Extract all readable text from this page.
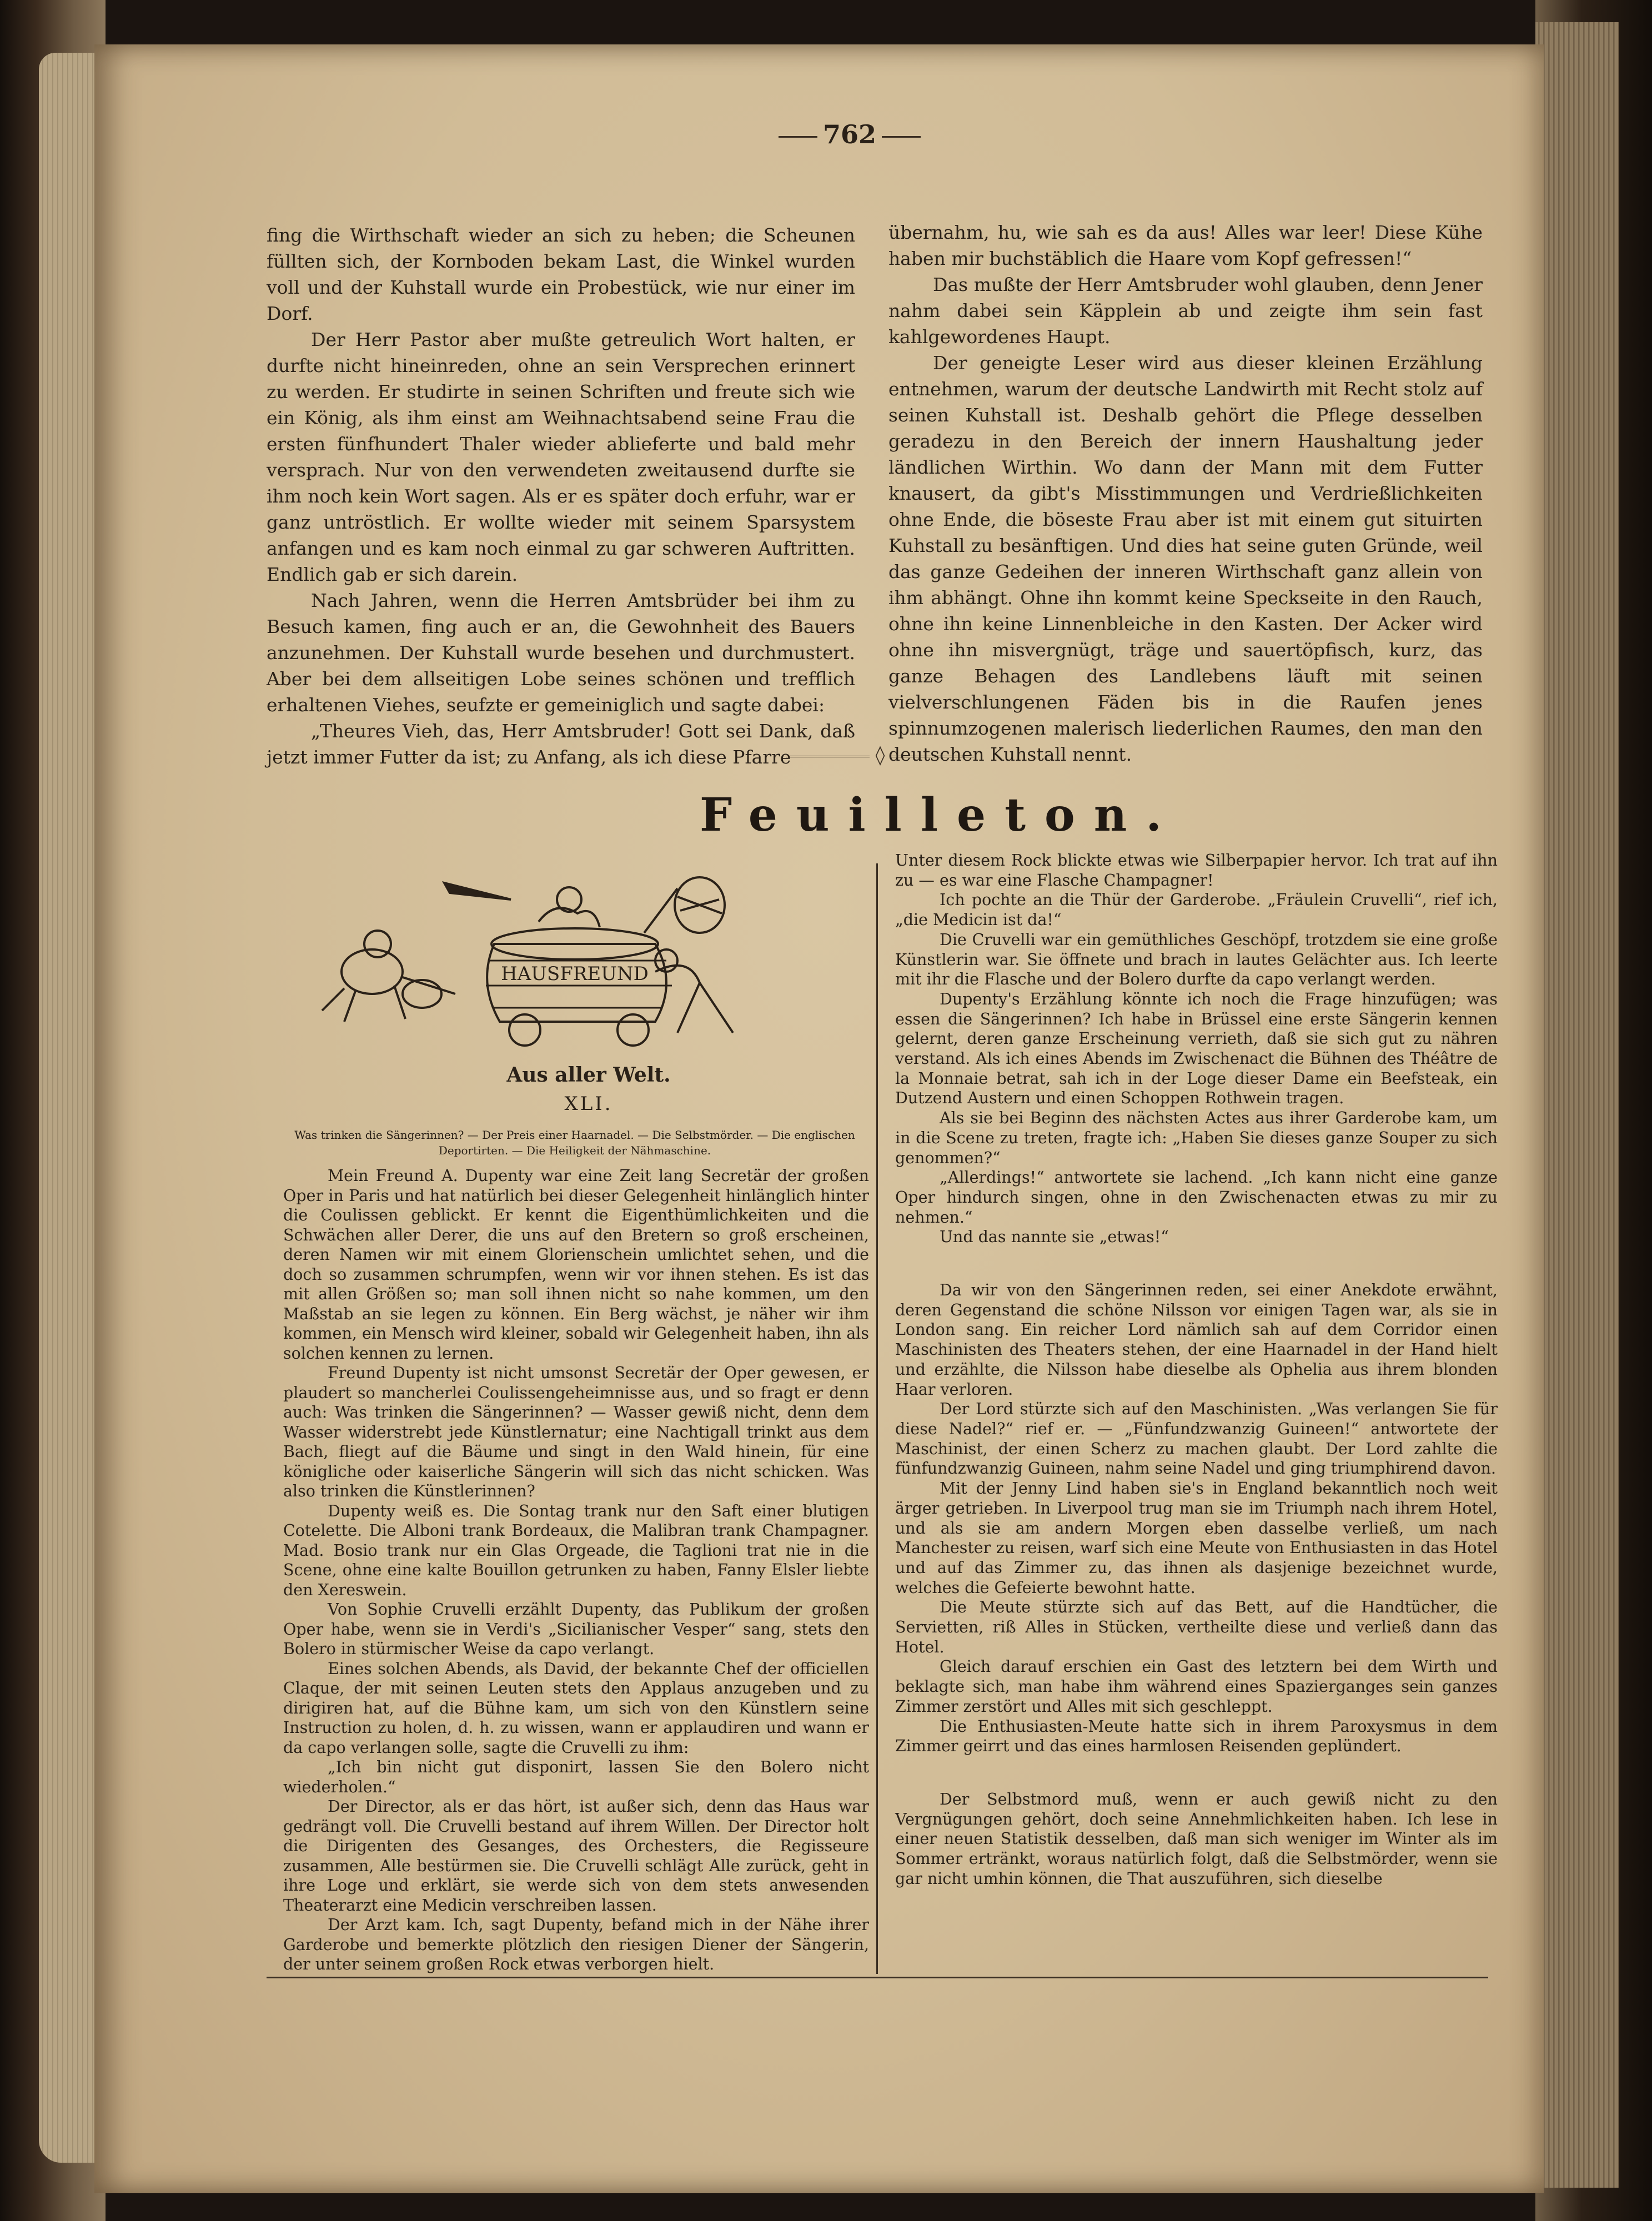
762

fing die Wirthschaft wieder an sich zu heben; die Scheunen füllten sich, der Kornboden bekam Last, die Winkel wurden voll und der Kuhstall wurde ein Probestück, wie nur einer im Dorf.

Der Herr Pastor aber mußte getreulich Wort halten, er durfte nicht hineinreden, ohne an sein Versprechen erinnert zu werden. Er studirte in seinen Schriften und freute sich wie ein König, als ihm einst am Weihnachtsabend seine Frau die ersten fünfhundert Thaler wieder ablieferte und bald mehr versprach. Nur von den verwendeten zweitausend durfte sie ihm noch kein Wort sagen. Als er es später doch erfuhr, war er ganz untröstlich. Er wollte wieder mit seinem Sparsystem anfangen und es kam noch einmal zu gar schweren Auftritten. Endlich gab er sich darein.

Nach Jahren, wenn die Herren Amtsbrüder bei ihm zu Besuch kamen, fing auch er an, die Gewohnheit des Bauers anzunehmen. Der Kuhstall wurde besehen und durchmustert. Aber bei dem allseitigen Lobe seines schönen und trefflich erhaltenen Viehes, seufzte er gemeiniglich und sagte dabei:

„Theures Vieh, das, Herr Amtsbruder! Gott sei Dank, daß jetzt immer Futter da ist; zu Anfang, als ich diese Pfarre

übernahm, hu, wie sah es da aus! Alles war leer! Diese Kühe haben mir buchstäblich die Haare vom Kopf gefressen!“

Das mußte der Herr Amtsbruder wohl glauben, denn Jener nahm dabei sein Käpplein ab und zeigte ihm sein fast kahlgewordenes Haupt.

Der geneigte Leser wird aus dieser kleinen Erzählung entnehmen, warum der deutsche Landwirth mit Recht stolz auf seinen Kuhstall ist. Deshalb gehört die Pflege desselben geradezu in den Bereich der innern Haushaltung jeder ländlichen Wirthin. Wo dann der Mann mit dem Futter knausert, da gibt's Misstimmungen und Verdrießlichkeiten ohne Ende, die böseste Frau aber ist mit einem gut situirten Kuhstall zu besänftigen. Und dies hat seine guten Gründe, weil das ganze Gedeihen der inneren Wirthschaft ganz allein von ihm abhängt. Ohne ihn kommt keine Speckseite in den Rauch, ohne ihn keine Linnenbleiche in den Kasten. Der Acker wird ohne ihn misvergnügt, träge und sauertöpfisch, kurz, das ganze Behagen des Landlebens läuft mit seinen vielverschlungenen Fäden bis in die Raufen jenes spinnumzogenen malerisch liederlichen Raumes, den man den deutschen Kuhstall nennt.

◊
Feuilleton.
HAUSFREUND
Aus aller Welt.
XLI.
Was trinken die Sängerinnen? — Der Preis einer Haarnadel. — Die Selbstmörder. — Die englischen Deportirten. — Die Heiligkeit der Nähmaschine.

Mein Freund A. Dupenty war eine Zeit lang Secretär der großen Oper in Paris und hat natürlich bei dieser Gelegenheit hinlänglich hinter die Coulissen geblickt. Er kennt die Eigenthümlichkeiten und die Schwächen aller Derer, die uns auf den Bretern so groß erscheinen, deren Namen wir mit einem Glorienschein umlichtet sehen, und die doch so zusammen schrumpfen, wenn wir vor ihnen stehen. Es ist das mit allen Größen so; man soll ihnen nicht so nahe kommen, um den Maßstab an sie legen zu können. Ein Berg wächst, je näher wir ihm kommen, ein Mensch wird kleiner, sobald wir Gelegenheit haben, ihn als solchen kennen zu lernen.

Freund Dupenty ist nicht umsonst Secretär der Oper gewesen, er plaudert so mancherlei Coulissengeheimnisse aus, und so fragt er denn auch: Was trinken die Sängerinnen? — Wasser gewiß nicht, denn dem Wasser widerstrebt jede Künstlernatur; eine Nachtigall trinkt aus dem Bach, fliegt auf die Bäume und singt in den Wald hinein, für eine königliche oder kaiserliche Sängerin will sich das nicht schicken. Was also trinken die Künstlerinnen?

Dupenty weiß es. Die Sontag trank nur den Saft einer blutigen Cotelette. Die Alboni trank Bordeaux, die Malibran trank Champagner. Mad. Bosio trank nur ein Glas Orgeade, die Taglioni trat nie in die Scene, ohne eine kalte Bouillon getrunken zu haben, Fanny Elsler liebte den Xereswein.

Von Sophie Cruvelli erzählt Dupenty, das Publikum der großen Oper habe, wenn sie in Verdi's „Sicilianischer Vesper“ sang, stets den Bolero in stürmischer Weise da capo verlangt.

Eines solchen Abends, als David, der bekannte Chef der officiellen Claque, der mit seinen Leuten stets den Applaus anzugeben und zu dirigiren hat, auf die Bühne kam, um sich von den Künstlern seine Instruction zu holen, d. h. zu wissen, wann er applaudiren und wann er da capo verlangen solle, sagte die Cruvelli zu ihm:

„Ich bin nicht gut disponirt, lassen Sie den Bolero nicht wiederholen.“

Der Director, als er das hört, ist außer sich, denn das Haus war gedrängt voll. Die Cruvelli bestand auf ihrem Willen. Der Director holt die Dirigenten des Gesanges, des Orchesters, die Regisseure zusammen, Alle bestürmen sie. Die Cruvelli schlägt Alle zurück, geht in ihre Loge und erklärt, sie werde sich von dem stets anwesenden Theaterarzt eine Medicin verschreiben lassen.

Der Arzt kam. Ich, sagt Dupenty, befand mich in der Nähe ihrer Garderobe und bemerkte plötzlich den riesigen Diener der Sängerin, der unter seinem großen Rock etwas verborgen hielt.

Unter diesem Rock blickte etwas wie Silberpapier hervor. Ich trat auf ihn zu — es war eine Flasche Champagner!

Ich pochte an die Thür der Garderobe. „Fräulein Cruvelli“, rief ich, „die Medicin ist da!“

Die Cruvelli war ein gemüthliches Geschöpf, trotzdem sie eine große Künstlerin war. Sie öffnete und brach in lautes Gelächter aus. Ich leerte mit ihr die Flasche und der Bolero durfte da capo verlangt werden.

Dupenty's Erzählung könnte ich noch die Frage hinzufügen; was essen die Sängerinnen? Ich habe in Brüssel eine erste Sängerin kennen gelernt, deren ganze Erscheinung verrieth, daß sie sich gut zu nähren verstand. Als ich eines Abends im Zwischenact die Bühnen des Théâtre de la Monnaie betrat, sah ich in der Loge dieser Dame ein Beefsteak, ein Dutzend Austern und einen Schoppen Rothwein tragen.

Als sie bei Beginn des nächsten Actes aus ihrer Garderobe kam, um in die Scene zu treten, fragte ich: „Haben Sie dieses ganze Souper zu sich genommen?“

„Allerdings!“ antwortete sie lachend. „Ich kann nicht eine ganze Oper hindurch singen, ohne in den Zwischenacten etwas zu mir zu nehmen.“

Und das nannte sie „etwas!“

Da wir von den Sängerinnen reden, sei einer Anekdote erwähnt, deren Gegenstand die schöne Nilsson vor einigen Tagen war, als sie in London sang. Ein reicher Lord nämlich sah auf dem Corridor einen Maschinisten des Theaters stehen, der eine Haarnadel in der Hand hielt und erzählte, die Nilsson habe dieselbe als Ophelia aus ihrem blonden Haar verloren.

Der Lord stürzte sich auf den Maschinisten. „Was verlangen Sie für diese Nadel?“ rief er. — „Fünfundzwanzig Guineen!“ antwortete der Maschinist, der einen Scherz zu machen glaubt. Der Lord zahlte die fünfundzwanzig Guineen, nahm seine Nadel und ging triumphirend davon.

Mit der Jenny Lind haben sie's in England bekanntlich noch weit ärger getrieben. In Liverpool trug man sie im Triumph nach ihrem Hotel, und als sie am andern Morgen eben dasselbe verließ, um nach Manchester zu reisen, warf sich eine Meute von Enthusiasten in das Hotel und auf das Zimmer zu, das ihnen als dasjenige bezeichnet wurde, welches die Gefeierte bewohnt hatte.

Die Meute stürzte sich auf das Bett, auf die Handtücher, die Servietten, riß Alles in Stücken, vertheilte diese und verließ dann das Hotel.

Gleich darauf erschien ein Gast des letztern bei dem Wirth und beklagte sich, man habe ihm während eines Spazierganges sein ganzes Zimmer zerstört und Alles mit sich geschleppt.

Die Enthusiasten-Meute hatte sich in ihrem Paroxysmus in dem Zimmer geirrt und das eines harmlosen Reisenden geplündert.

Der Selbstmord muß, wenn er auch gewiß nicht zu den Vergnügungen gehört, doch seine Annehmlichkeiten haben. Ich lese in einer neuen Statistik desselben, daß man sich weniger im Winter als im Sommer ertränkt, woraus natürlich folgt, daß die Selbstmörder, wenn sie gar nicht umhin können, die That auszuführen, sich dieselbe
